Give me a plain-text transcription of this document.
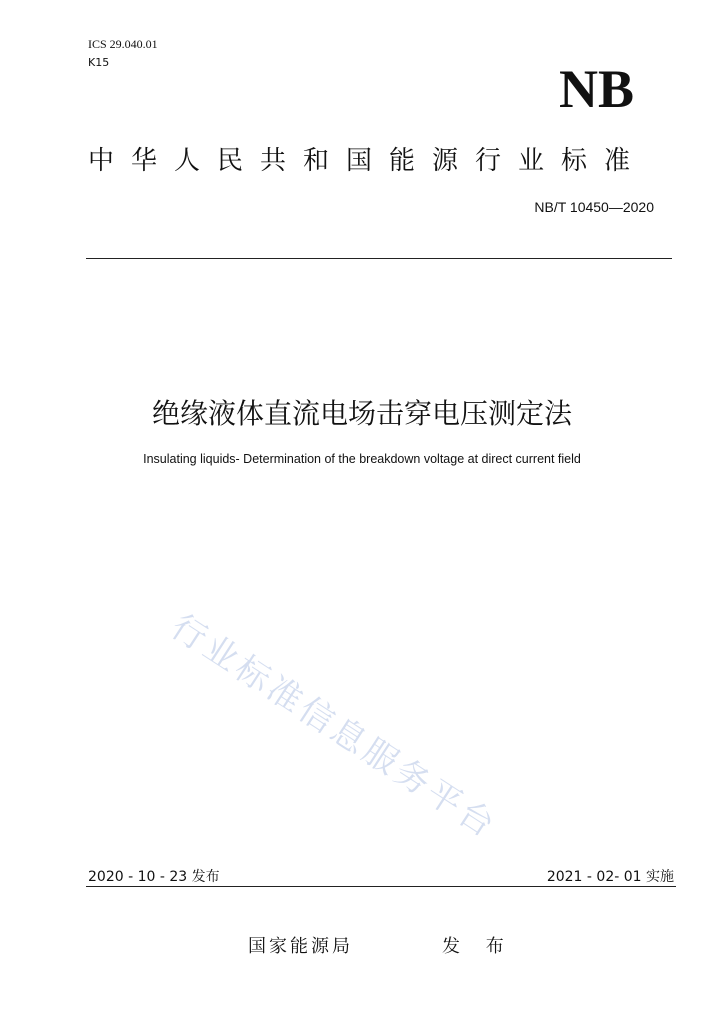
ICS 29.040.01
K15	NB
中华人民共和国能源行业标准
NB/T 10450—2020
绝缘液体直流电场击穿电压测定法
Insulating liquids- Determination of the breakdown voltage at direct current field
行业标准信息服务平台
2020 - 10 - 23 发布	2021 - 02- 01 实施
国家能源局	发 布
